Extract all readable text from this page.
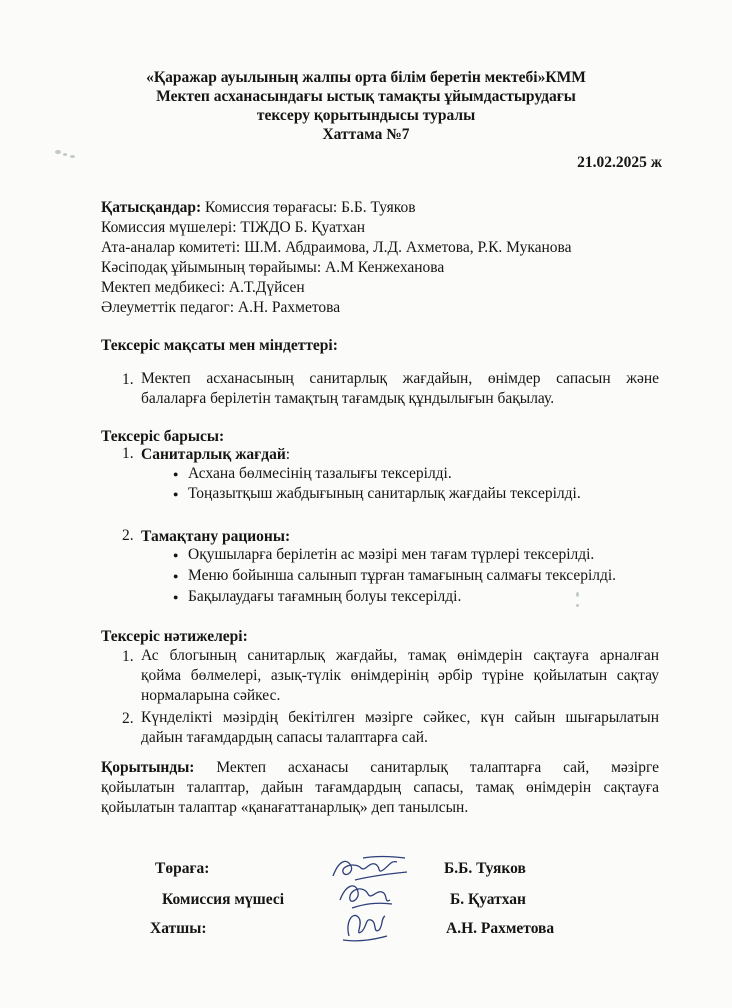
«Қаражар ауылының жалпы орта білім беретін мектебі»КММ
Мектеп асханасындағы ыстық тамақты ұйымдастырудағы
тексеру қорытындысы туралы
Хаттама №7
21.02.2025 ж
Қатысқандар: Комиссия төрағасы: Б.Б. Туяков
Комиссия мүшелері: ТІЖДО Б. Қуатхан
Ата-аналар комитеті: Ш.М. Абдраимова, Л.Д. Ахметова, Р.К. Муканова
Кәсіподақ ұйымының төрайымы: А.М Кенжеханова
Мектеп медбикесі: А.Т.Дүйсен
Әлеуметтік педагог: А.Н. Рахметова
Тексеріс мақсаты мен міндеттері:
1. Мектеп асханасының санитарлық жағдайын, өнімдер сапасын және
балаларға берілетін тамақтың тағамдық құндылығын бақылау.
Тексеріс барысы:
1. Санитарлық жағдай:
● Асхана бөлмесінің тазалығы тексерілді.
● Тоңазытқыш жабдығының санитарлық жағдайы тексерілді.
2. Тамақтану рационы:
● Оқушыларға берілетін ас мәзірі мен тағам түрлері тексерілді.
● Меню бойынша салынып тұрған тамағының салмағы тексерілді.
● Бақылаудағы тағамның болуы тексерілді.
Тексеріс нәтижелері:
1. Ас блогының санитарлық жағдайы, тамақ өнімдерін сақтауға арналған
қойма бөлмелері, азық-түлік өнімдерінің әрбір түріне қойылатын сақтау
нормаларына сәйкес.
2. Күнделікті мәзірдің бекітілген мәзірге сәйкес, күн сайын шығарылатын
дайын тағамдардың сапасы талаптарға сай.
Қорытынды: Мектеп асханасы санитарлық талаптарға сай, мәзірге
қойылатын талаптар, дайын тағамдардың сапасы, тамақ өнімдерін сақтауға
қойылатын талаптар «қанағаттанарлық» деп танылсын.
Төраға:	Б.Б. Туяков
Комиссия мүшесі	Б. Қуатхан
Хатшы:	А.Н. Рахметова
